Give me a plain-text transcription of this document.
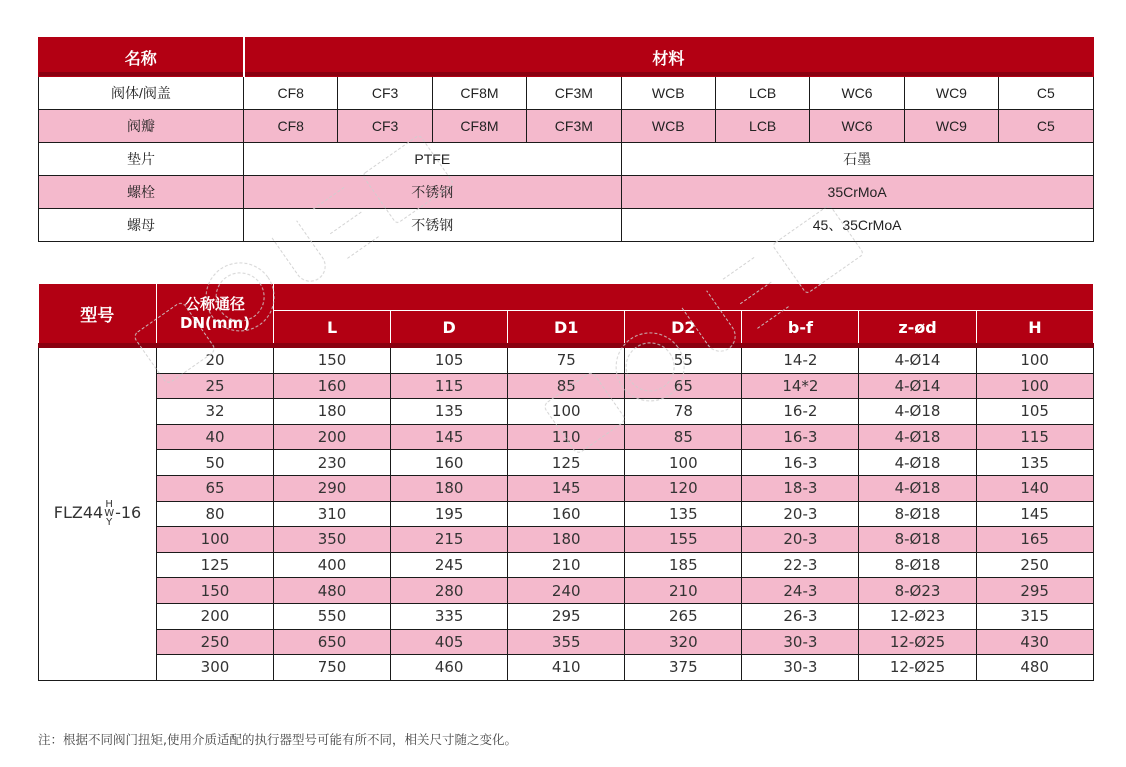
名称	材料								
阀体/阀盖	CF8	CF3	CF8M	CF3M	WCB	LCB	WC6	WC9	C5
阀瓣	CF8	CF3	CF8M	CF3M	WCB	LCB	WC6	WC9	C5
垫片	PTFE				石墨				
螺栓	不锈钢				35CrMoA				
螺母	不锈钢				45、35CrMoA				
型号	公称通径
DN(mm)							
		L	D	D1	D2	b-f	z-ød	H
FLZ44 H
W
Y
-16	20	150	105	75	55	14-2	4-Ø14	100
	25	160	115	85	65	14*2	4-Ø14	100
	32	180	135	100	78	16-2	4-Ø18	105
	40	200	145	110	85	16-3	4-Ø18	115
	50	230	160	125	100	16-3	4-Ø18	135
	65	290	180	145	120	18-3	4-Ø18	140
	80	310	195	160	135	20-3	8-Ø18	145
	100	350	215	180	155	20-3	8-Ø18	165
	125	400	245	210	185	22-3	8-Ø18	250
	150	480	280	240	210	24-3	8-Ø23	295
	200	550	335	295	265	26-3	12-Ø23	315
	250	650	405	355	320	30-3	12-Ø25	430
	300	750	460	410	375	30-3	12-Ø25	480
注：根据不同阀门扭矩,使用介质适配的执行器型号可能有所不同，相关尺寸随之变化。
